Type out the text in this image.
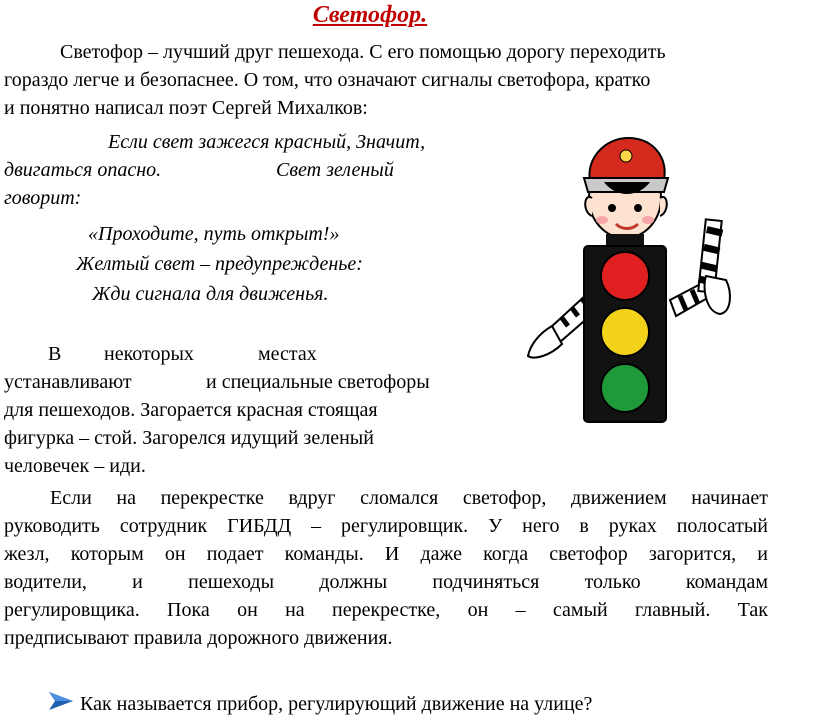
Светофор.
Светофор – лучший друг пешехода. С его помощью дорогу переходить
гораздо легче и безопаснее. О том, что означают сигналы светофора, кратко
и понятно написал поэт Сергей Михалков:
Если свет зажегся красный, Значит,
двигаться опасно.	Свет зеленый
говорит:
«Проходите, путь открыт!»
Желтый свет – предупрежденье:
Жди сигнала для движенья.
В некоторых	местах
устанавливают	и специальные светофоры
для пешеходов. Загорается красная стоящая
фигурка – стой. Загорелся идущий зеленый
человечек – иди.
Если на перекрестке вдруг сломался светофор, движением начинает
руководить сотрудник ГИБДД – регулировщик. У него в руках полосатый
жезл, которым он подает команды. И даже когда светофор загорится, и
водители, и пешеходы должны подчиняться только командам
регулировщика. Пока он на перекрестке, он – самый главный. Так
предписывают правила дорожного движения.
Как называется прибор, регулирующий движение на улице?
